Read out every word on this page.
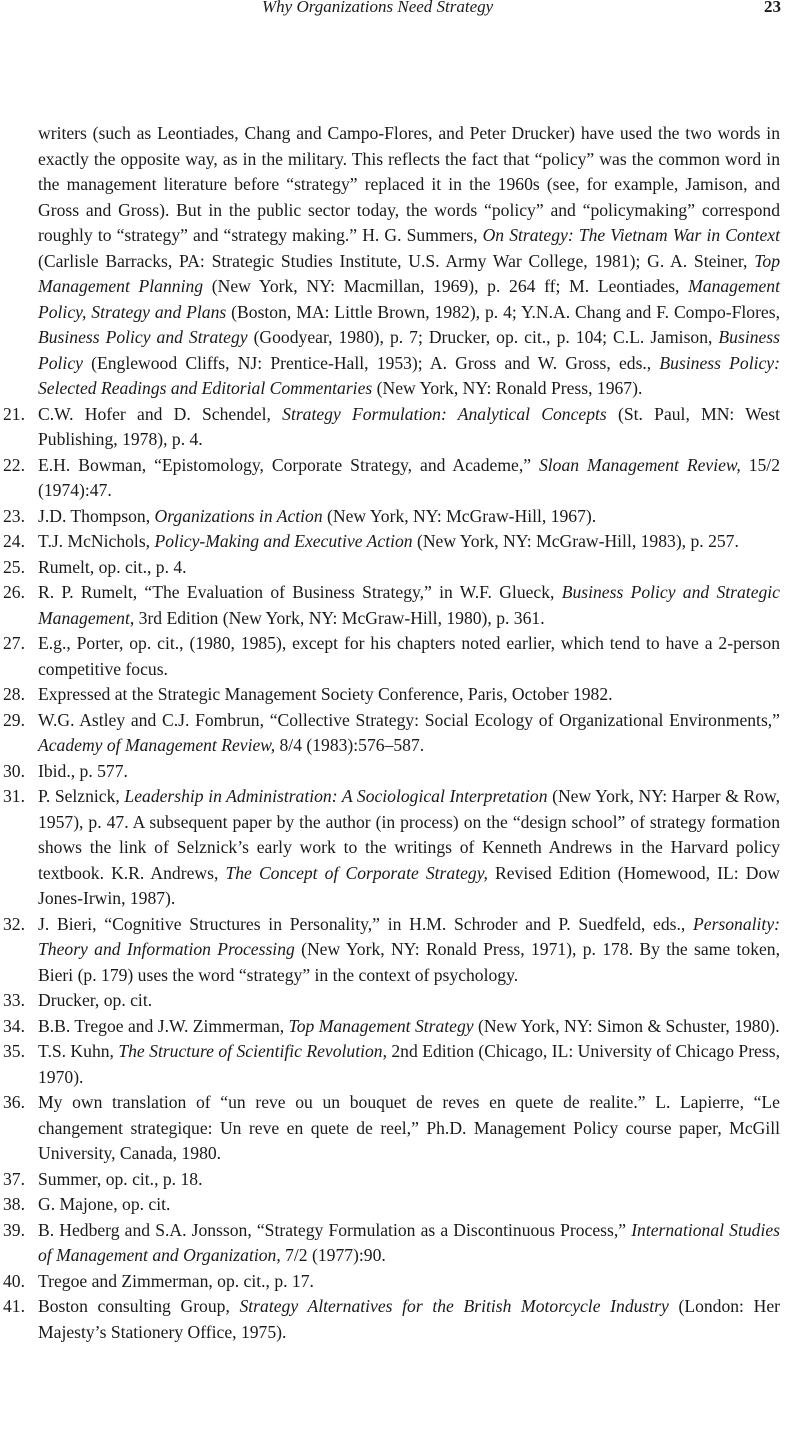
Why Organizations Need Strategy	23

writers (such as Leontiades, Chang and Campo-Flores, and Peter Drucker) have used the two words in exactly the opposite way, as in the military. This reflects the fact that “policy” was the common word in the management literature before “strategy” replaced it in the 1960s (see, for example, Jamison, and Gross and Gross). But in the public sector today, the words “policy” and “policymaking” correspond roughly to “strategy” and “strategy making.” H. G. Summers, On Strategy: The Vietnam War in Context (Carlisle Barracks, PA: Strategic Studies Institute, U.S. Army War College, 1981); G. A. Steiner, Top Management Planning (New York, NY: Macmillan, 1969), p. 264 ff; M. Leontiades, Management Policy, Strategy and Plans (Boston, MA: Little Brown, 1982), p. 4; Y.N.A. Chang and F. Compo-Flores, Business Policy and Strategy (Goodyear, 1980), p. 7; Drucker, op. cit., p. 104; C.L. Jamison, Business Policy (Englewood Cliffs, NJ: Prentice-Hall, 1953); A. Gross and W. Gross, eds., Business Policy: Selected Readings and Editorial Commentaries (New York, NY: Ronald Press, 1967).

21. C.W. Hofer and D. Schendel, Strategy Formulation: Analytical Concepts (St. Paul, MN: West Publishing, 1978), p. 4.

22. E.H. Bowman, “Epistomology, Corporate Strategy, and Academe,” Sloan Management Review, 15/2 (1974):47.

23. J.D. Thompson, Organizations in Action (New York, NY: McGraw-Hill, 1967).

24. T.J. McNichols, Policy-Making and Executive Action (New York, NY: McGraw-Hill, 1983), p. 257.

25. Rumelt, op. cit., p. 4.

26. R. P. Rumelt, “The Evaluation of Business Strategy,” in W.F. Glueck, Business Policy and Strategic Management, 3rd Edition (New York, NY: McGraw-Hill, 1980), p. 361.

27. E.g., Porter, op. cit., (1980, 1985), except for his chapters noted earlier, which tend to have a 2-person competitive focus.

28. Expressed at the Strategic Management Society Conference, Paris, October 1982.

29. W.G. Astley and C.J. Fombrun, “Collective Strategy: Social Ecology of Organizational Environments,” Academy of Management Review, 8/4 (1983):576–587.

30. Ibid., p. 577.

31. P. Selznick, Leadership in Administration: A Sociological Interpretation (New York, NY: Harper & Row, 1957), p. 47. A subsequent paper by the author (in process) on the “design school” of strategy formation shows the link of Selznick’s early work to the writings of Kenneth Andrews in the Harvard policy textbook. K.R. Andrews, The Concept of Corporate Strategy, Revised Edition (Homewood, IL: Dow Jones-Irwin, 1987).

32. J. Bieri, “Cognitive Structures in Personality,” in H.M. Schroder and P. Suedfeld, eds., Personality: Theory and Information Processing (New York, NY: Ronald Press, 1971), p. 178. By the same token, Bieri (p. 179) uses the word “strategy” in the context of psychology.

33. Drucker, op. cit.

34. B.B. Tregoe and J.W. Zimmerman, Top Management Strategy (New York, NY: Simon & Schuster, 1980).

35. T.S. Kuhn, The Structure of Scientific Revolution, 2nd Edition (Chicago, IL: University of Chicago Press, 1970).

36. My own translation of “un reve ou un bouquet de reves en quete de realite.” L. Lapierre, “Le changement strategique: Un reve en quete de reel,” Ph.D. Management Policy course paper, McGill University, Canada, 1980.

37. Summer, op. cit., p. 18.

38. G. Majone, op. cit.

39. B. Hedberg and S.A. Jonsson, “Strategy Formulation as a Discontinuous Process,” International Studies of Management and Organization, 7/2 (1977):90.

40. Tregoe and Zimmerman, op. cit., p. 17.

41. Boston consulting Group, Strategy Alternatives for the British Motorcycle Industry (London: Her Majesty’s Stationery Office, 1975).
